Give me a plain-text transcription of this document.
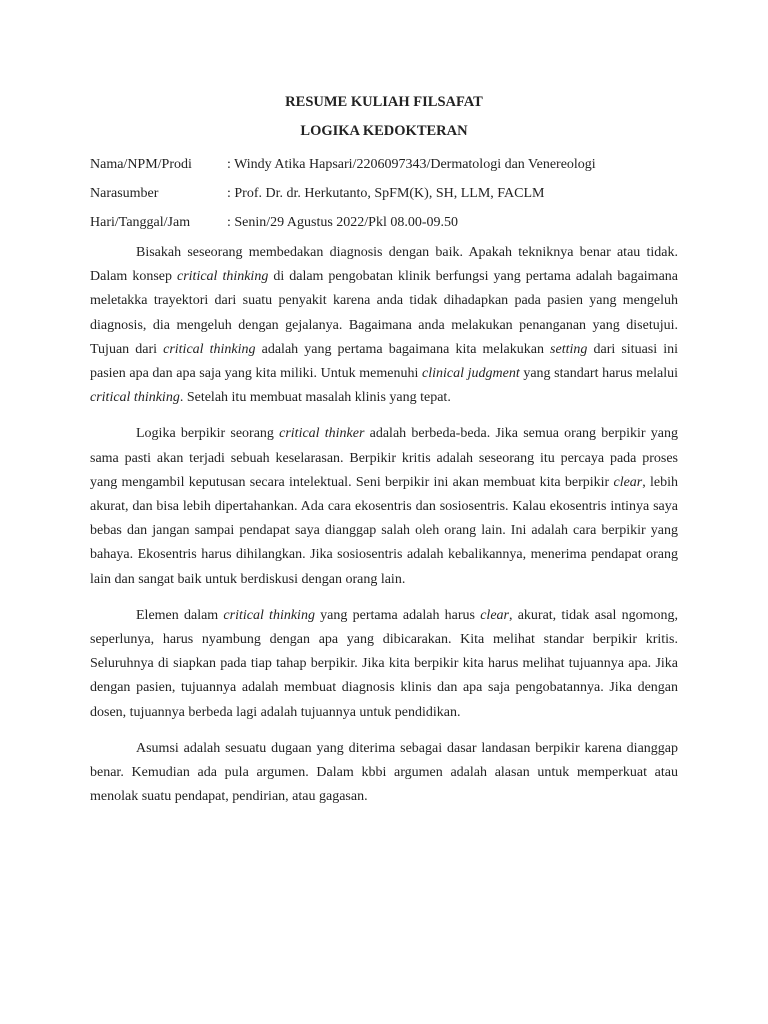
RESUME KULIAH FILSAFAT

LOGIKA KEDOKTERAN

Nama/NPM/Prodi	: Windy Atika Hapsari/2206097343/Dermatologi dan Venereologi
Narasumber	: Prof. Dr. dr. Herkutanto, SpFM(K), SH, LLM, FACLM
Hari/Tanggal/Jam	: Senin/29 Agustus 2022/Pkl 08.00-09.50

Bisakah seseorang membedakan diagnosis dengan baik. Apakah tekniknya benar atau tidak. Dalam konsep critical thinking di dalam pengobatan klinik berfungsi yang pertama adalah bagaimana meletakka trayektori dari suatu penyakit karena anda tidak dihadapkan pada pasien yang mengeluh diagnosis, dia mengeluh dengan gejalanya. Bagaimana anda melakukan penanganan yang disetujui. Tujuan dari critical thinking adalah yang pertama bagaimana kita melakukan setting dari situasi ini pasien apa dan apa saja yang kita miliki. Untuk memenuhi clinical judgment yang standart harus melalui critical thinking. Setelah itu membuat masalah klinis yang tepat.

Logika berpikir seorang critical thinker adalah berbeda-beda. Jika semua orang berpikir yang sama pasti akan terjadi sebuah keselarasan. Berpikir kritis adalah seseorang itu percaya pada proses yang mengambil keputusan secara intelektual. Seni berpikir ini akan membuat kita berpikir clear, lebih akurat, dan bisa lebih dipertahankan. Ada cara ekosentris dan sosiosentris. Kalau ekosentris intinya saya bebas dan jangan sampai pendapat saya dianggap salah oleh orang lain. Ini adalah cara berpikir yang bahaya. Ekosentris harus dihilangkan. Jika sosiosentris adalah kebalikannya, menerima pendapat orang lain dan sangat baik untuk berdiskusi dengan orang lain.

Elemen dalam critical thinking yang pertama adalah harus clear, akurat, tidak asal ngomong, seperlunya, harus nyambung dengan apa yang dibicarakan. Kita melihat standar berpikir kritis. Seluruhnya di siapkan pada tiap tahap berpikir. Jika kita berpikir kita harus melihat tujuannya apa. Jika dengan pasien, tujuannya adalah membuat diagnosis klinis dan apa saja pengobatannya. Jika dengan dosen, tujuannya berbeda lagi adalah tujuannya untuk pendidikan.

Asumsi adalah sesuatu dugaan yang diterima sebagai dasar landasan berpikir karena dianggap benar. Kemudian ada pula argumen. Dalam kbbi argumen adalah alasan untuk memperkuat atau menolak suatu pendapat, pendirian, atau gagasan.
